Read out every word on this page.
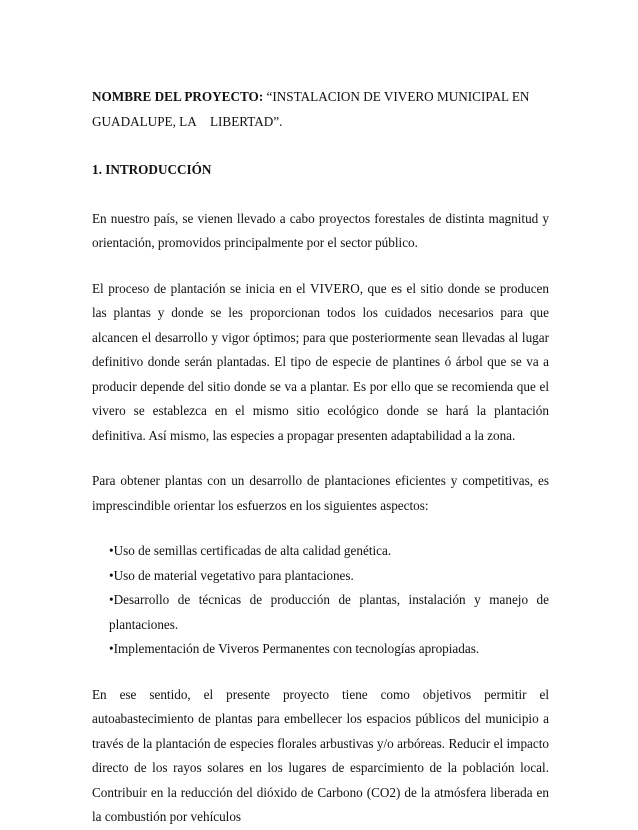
NOMBRE DEL PROYECTO: “INSTALACION DE VIVERO MUNICIPAL EN GUADALUPE, LA    LIBERTAD”.

1. INTRODUCCIÓN

En nuestro país, se vienen llevado a cabo proyectos forestales de distinta magnitud y orientación, promovidos principalmente por el sector público.

El proceso de plantación se inicia en el VIVERO, que es el sitio donde se producen las plantas y donde se les proporcionan todos los cuidados necesarios para que alcancen el desarrollo y vigor óptimos; para que posteriormente sean llevadas al lugar definitivo donde serán plantadas. El tipo de especie de plantines ó árbol que se va a producir depende del sitio donde se va a plantar. Es por ello que se recomienda que el vivero se establezca en el mismo sitio ecológico donde se hará la plantación definitiva. Así mismo, las especies a propagar presenten adaptabilidad a la zona.

Para obtener plantas con un desarrollo de plantaciones eficientes y competitivas, es imprescindible orientar los esfuerzos en los siguientes aspectos:

•Uso de semillas certificadas de alta calidad genética.
•Uso de material vegetativo para plantaciones.
•Desarrollo de técnicas de producción de plantas, instalación y manejo de plantaciones.
•Implementación de Viveros Permanentes con tecnologías apropiadas.

En ese sentido, el presente proyecto tiene como objetivos permitir el autoabastecimiento de plantas para embellecer los espacios públicos del municipio a través de la plantación de especies florales arbustivas y/o arbóreas. Reducir el impacto directo de los rayos solares en los lugares de esparcimiento de la población local. Contribuir en la reducción del dióxido de Carbono (CO2) de la atmósfera liberada en la combustión por vehículos
